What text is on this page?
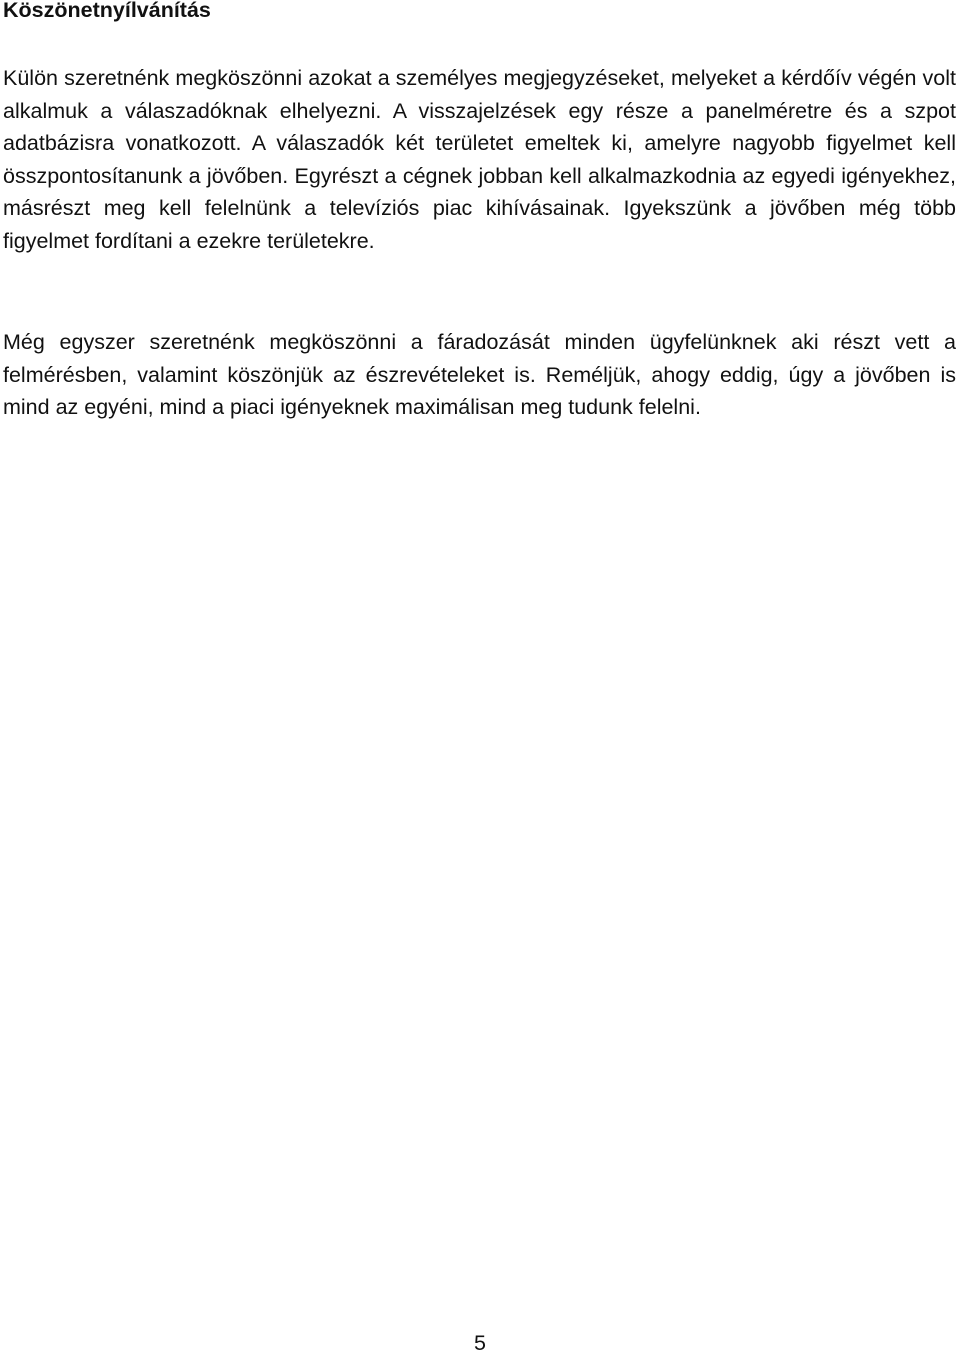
Köszönetnyílvánítás

Külön szeretnénk megköszönni azokat a személyes megjegyzéseket, melyeket a kérdőív végén volt alkalmuk a válaszadóknak elhelyezni. A visszajelzések egy része a panelméretre és a szpot adatbázisra vonatkozott. A válaszadók két területet emeltek ki, amelyre nagyobb figyelmet kell összpontosítanunk a jövőben. Egyrészt a cégnek jobban kell alkalmazkodnia az egyedi igényekhez, másrészt meg kell felelnünk a televíziós piac kihívásainak. Igyekszünk a jövőben még több figyelmet fordítani a ezekre területekre.

Még egyszer szeretnénk megköszönni a fáradozását minden ügyfelünknek aki részt vett a felmérésben, valamint köszönjük az észrevételeket is. Reméljük, ahogy eddig, úgy a jövőben is mind az egyéni, mind a piaci igényeknek maximálisan meg tudunk felelni.

5
